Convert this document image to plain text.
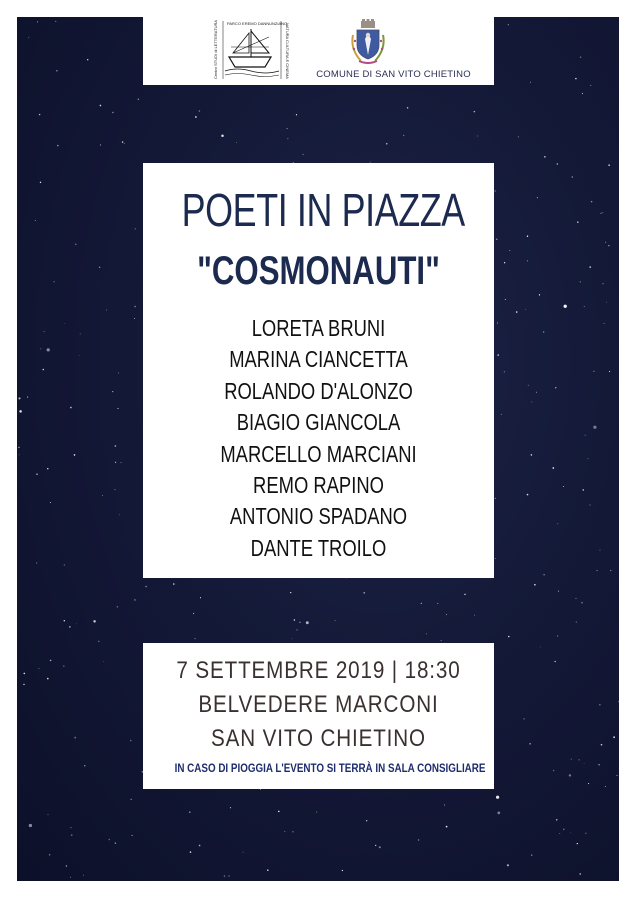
PARCO EREMO DANNUNZIANO
Centro STUDI di LETTERATURA	NATURA CULTURA E CINEMA	COMUNE DI SAN VITO CHIETINO
POETI IN PIAZZA
"COSMONAUTI"
LORETA BRUNI
MARINA CIANCETTA
ROLANDO D'ALONZO
BIAGIO GIANCOLA
MARCELLO MARCIANI
REMO RAPINO
ANTONIO SPADANO
DANTE TROILO
7 SETTEMBRE 2019 | 18:30
BELVEDERE MARCONI
SAN VITO CHIETINO
IN CASO DI PIOGGIA L'EVENTO SI TERRÀ IN SALA CONSIGLIARE
